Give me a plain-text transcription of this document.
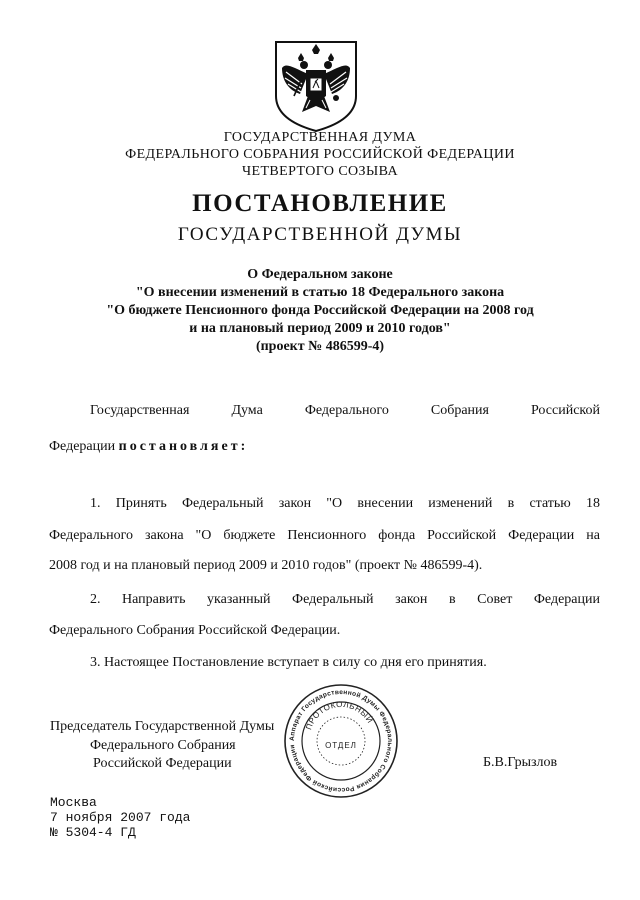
ГОСУДАРСТВЕННАЯ ДУМА
ФЕДЕРАЛЬНОГО СОБРАНИЯ РОССИЙСКОЙ ФЕДЕРАЦИИ
ЧЕТВЕРТОГО СОЗЫВА
ПОСТАНОВЛЕНИЕ
ГОСУДАРСТВЕННОЙ ДУМЫ
О Федеральном законе
"О внесении изменений в статью 18 Федерального закона
"О бюджете Пенсионного фонда Российской Федерации на 2008 год
и на плановый период 2009 и 2010 годов"
(проект № 486599-4)
Государственная Дума Федерального Собрания Российской
Федерации постановляет:
1. Принять Федеральный закон "О внесении изменений в статью 18
Федерального закона "О бюджете Пенсионного фонда Российской Федерации на
2008 год и на плановый период 2009 и 2010 годов" (проект № 486599-4).
2. Направить указанный Федеральный закон в Совет Федерации
Федерального Собрания Российской Федерации.
3. Настоящее Постановление вступает в силу со дня его принятия.
Председатель Государственной Думы
Федерального Собрания
Российской Федерации	Б.В.Грызлов
Аппарат Государственной Думы Федерального Собрания Российской Федерации
ПРОТОКОЛЬНЫЙ
ОТДЕЛ
Москва
7 ноября 2007 года
№ 5304-4 ГД
